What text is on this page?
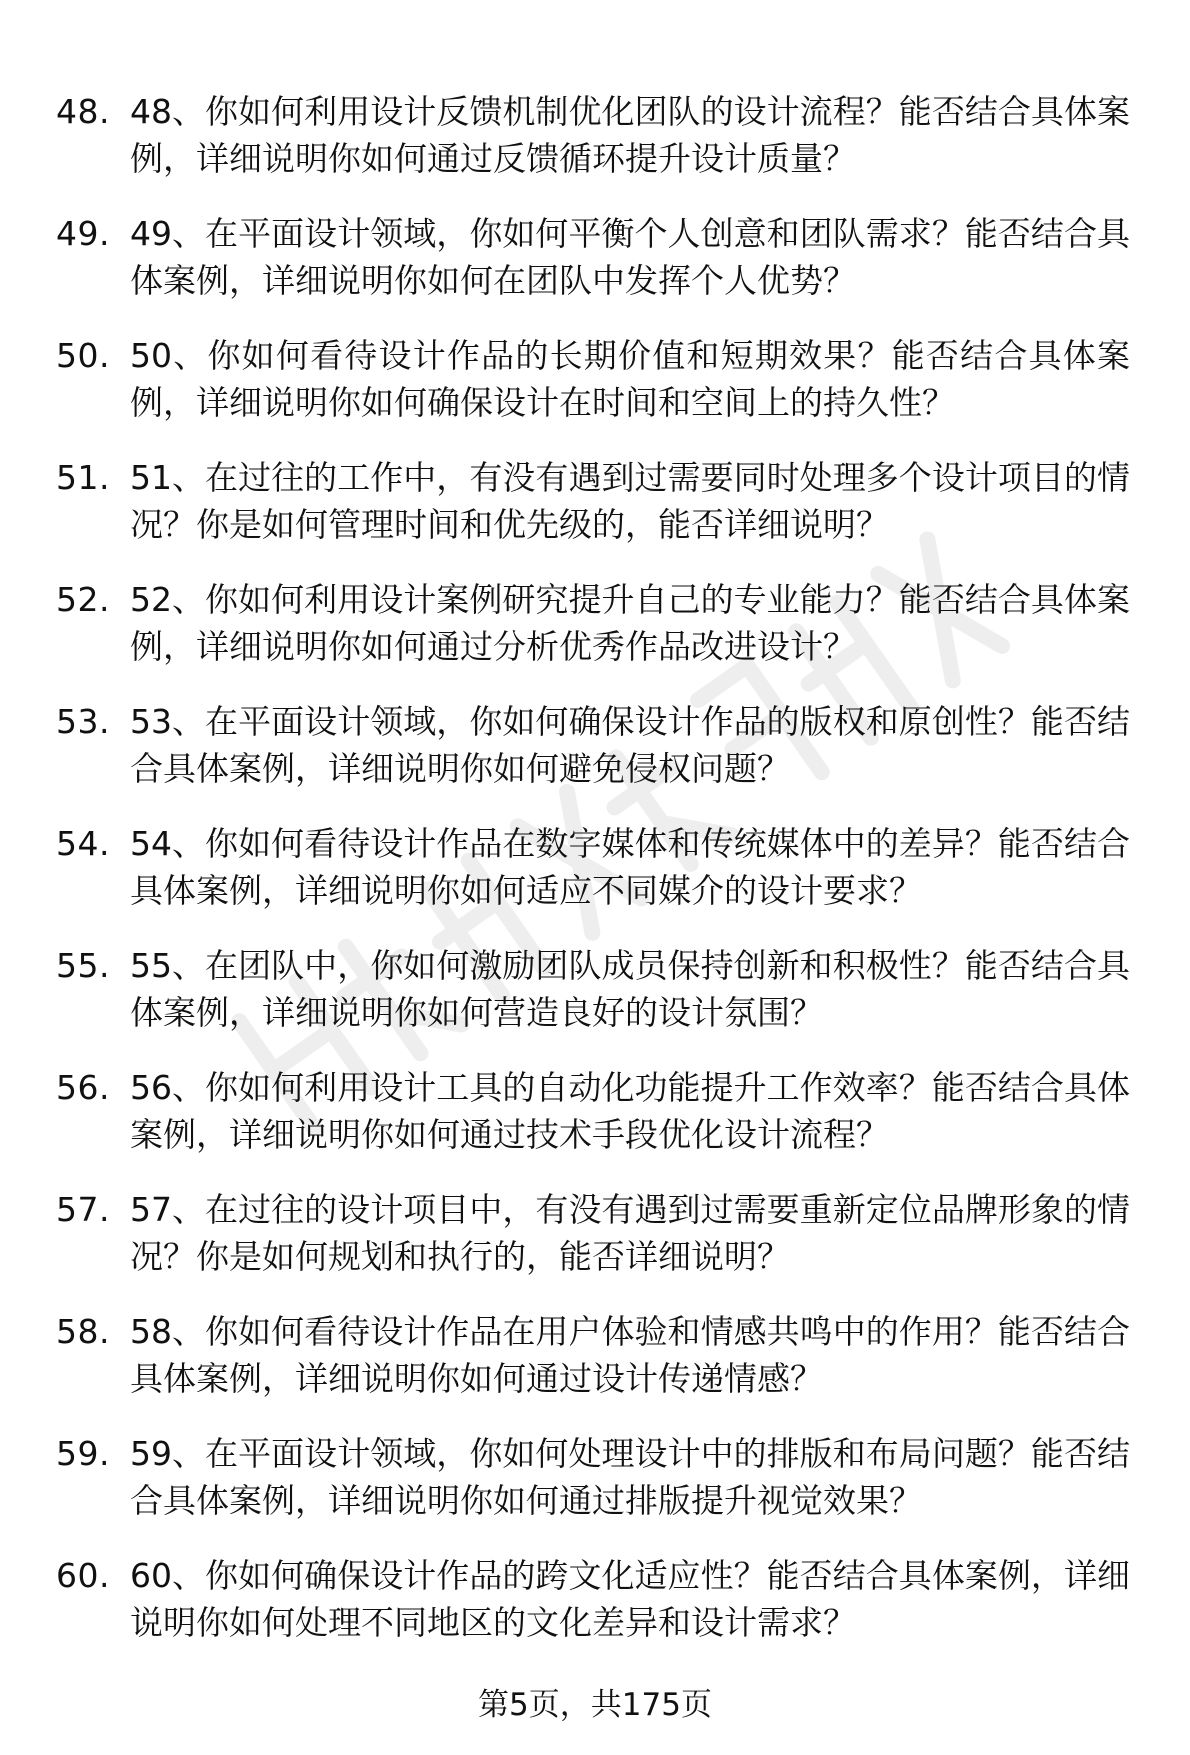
48. 48、你如何利用设计反馈机制优化团队的设计流程？能否结合具体案例，详细说明你如何通过反馈循环提升设计质量？
49. 49、在平面设计领域，你如何平衡个人创意和团队需求？能否结合具体案例，详细说明你如何在团队中发挥个人优势？
50. 50、你如何看待设计作品的长期价值和短期效果？能否结合具体案例，详细说明你如何确保设计在时间和空间上的持久性？
51. 51、在过往的工作中，有没有遇到过需要同时处理多个设计项目的情况？你是如何管理时间和优先级的，能否详细说明？
52. 52、你如何利用设计案例研究提升自己的专业能力？能否结合具体案例，详细说明你如何通过分析优秀作品改进设计？
53. 53、在平面设计领域，你如何确保设计作品的版权和原创性？能否结合具体案例，详细说明你如何避免侵权问题？
54. 54、你如何看待设计作品在数字媒体和传统媒体中的差异？能否结合具体案例，详细说明你如何适应不同媒介的设计要求？
55. 55、在团队中，你如何激励团队成员保持创新和积极性？能否结合具体案例，详细说明你如何营造良好的设计氛围？
56. 56、你如何利用设计工具的自动化功能提升工作效率？能否结合具体案例，详细说明你如何通过技术手段优化设计流程？
57. 57、在过往的设计项目中，有没有遇到过需要重新定位品牌形象的情况？你是如何规划和执行的，能否详细说明？
58. 58、你如何看待设计作品在用户体验和情感共鸣中的作用？能否结合具体案例，详细说明你如何通过设计传递情感？
59. 59、在平面设计领域，你如何处理设计中的排版和布局问题？能否结合具体案例，详细说明你如何通过排版提升视觉效果？
60. 60、你如何确保设计作品的跨文化适应性？能否结合具体案例，详细说明你如何处理不同地区的文化差异和设计需求？
第5页，共175页
